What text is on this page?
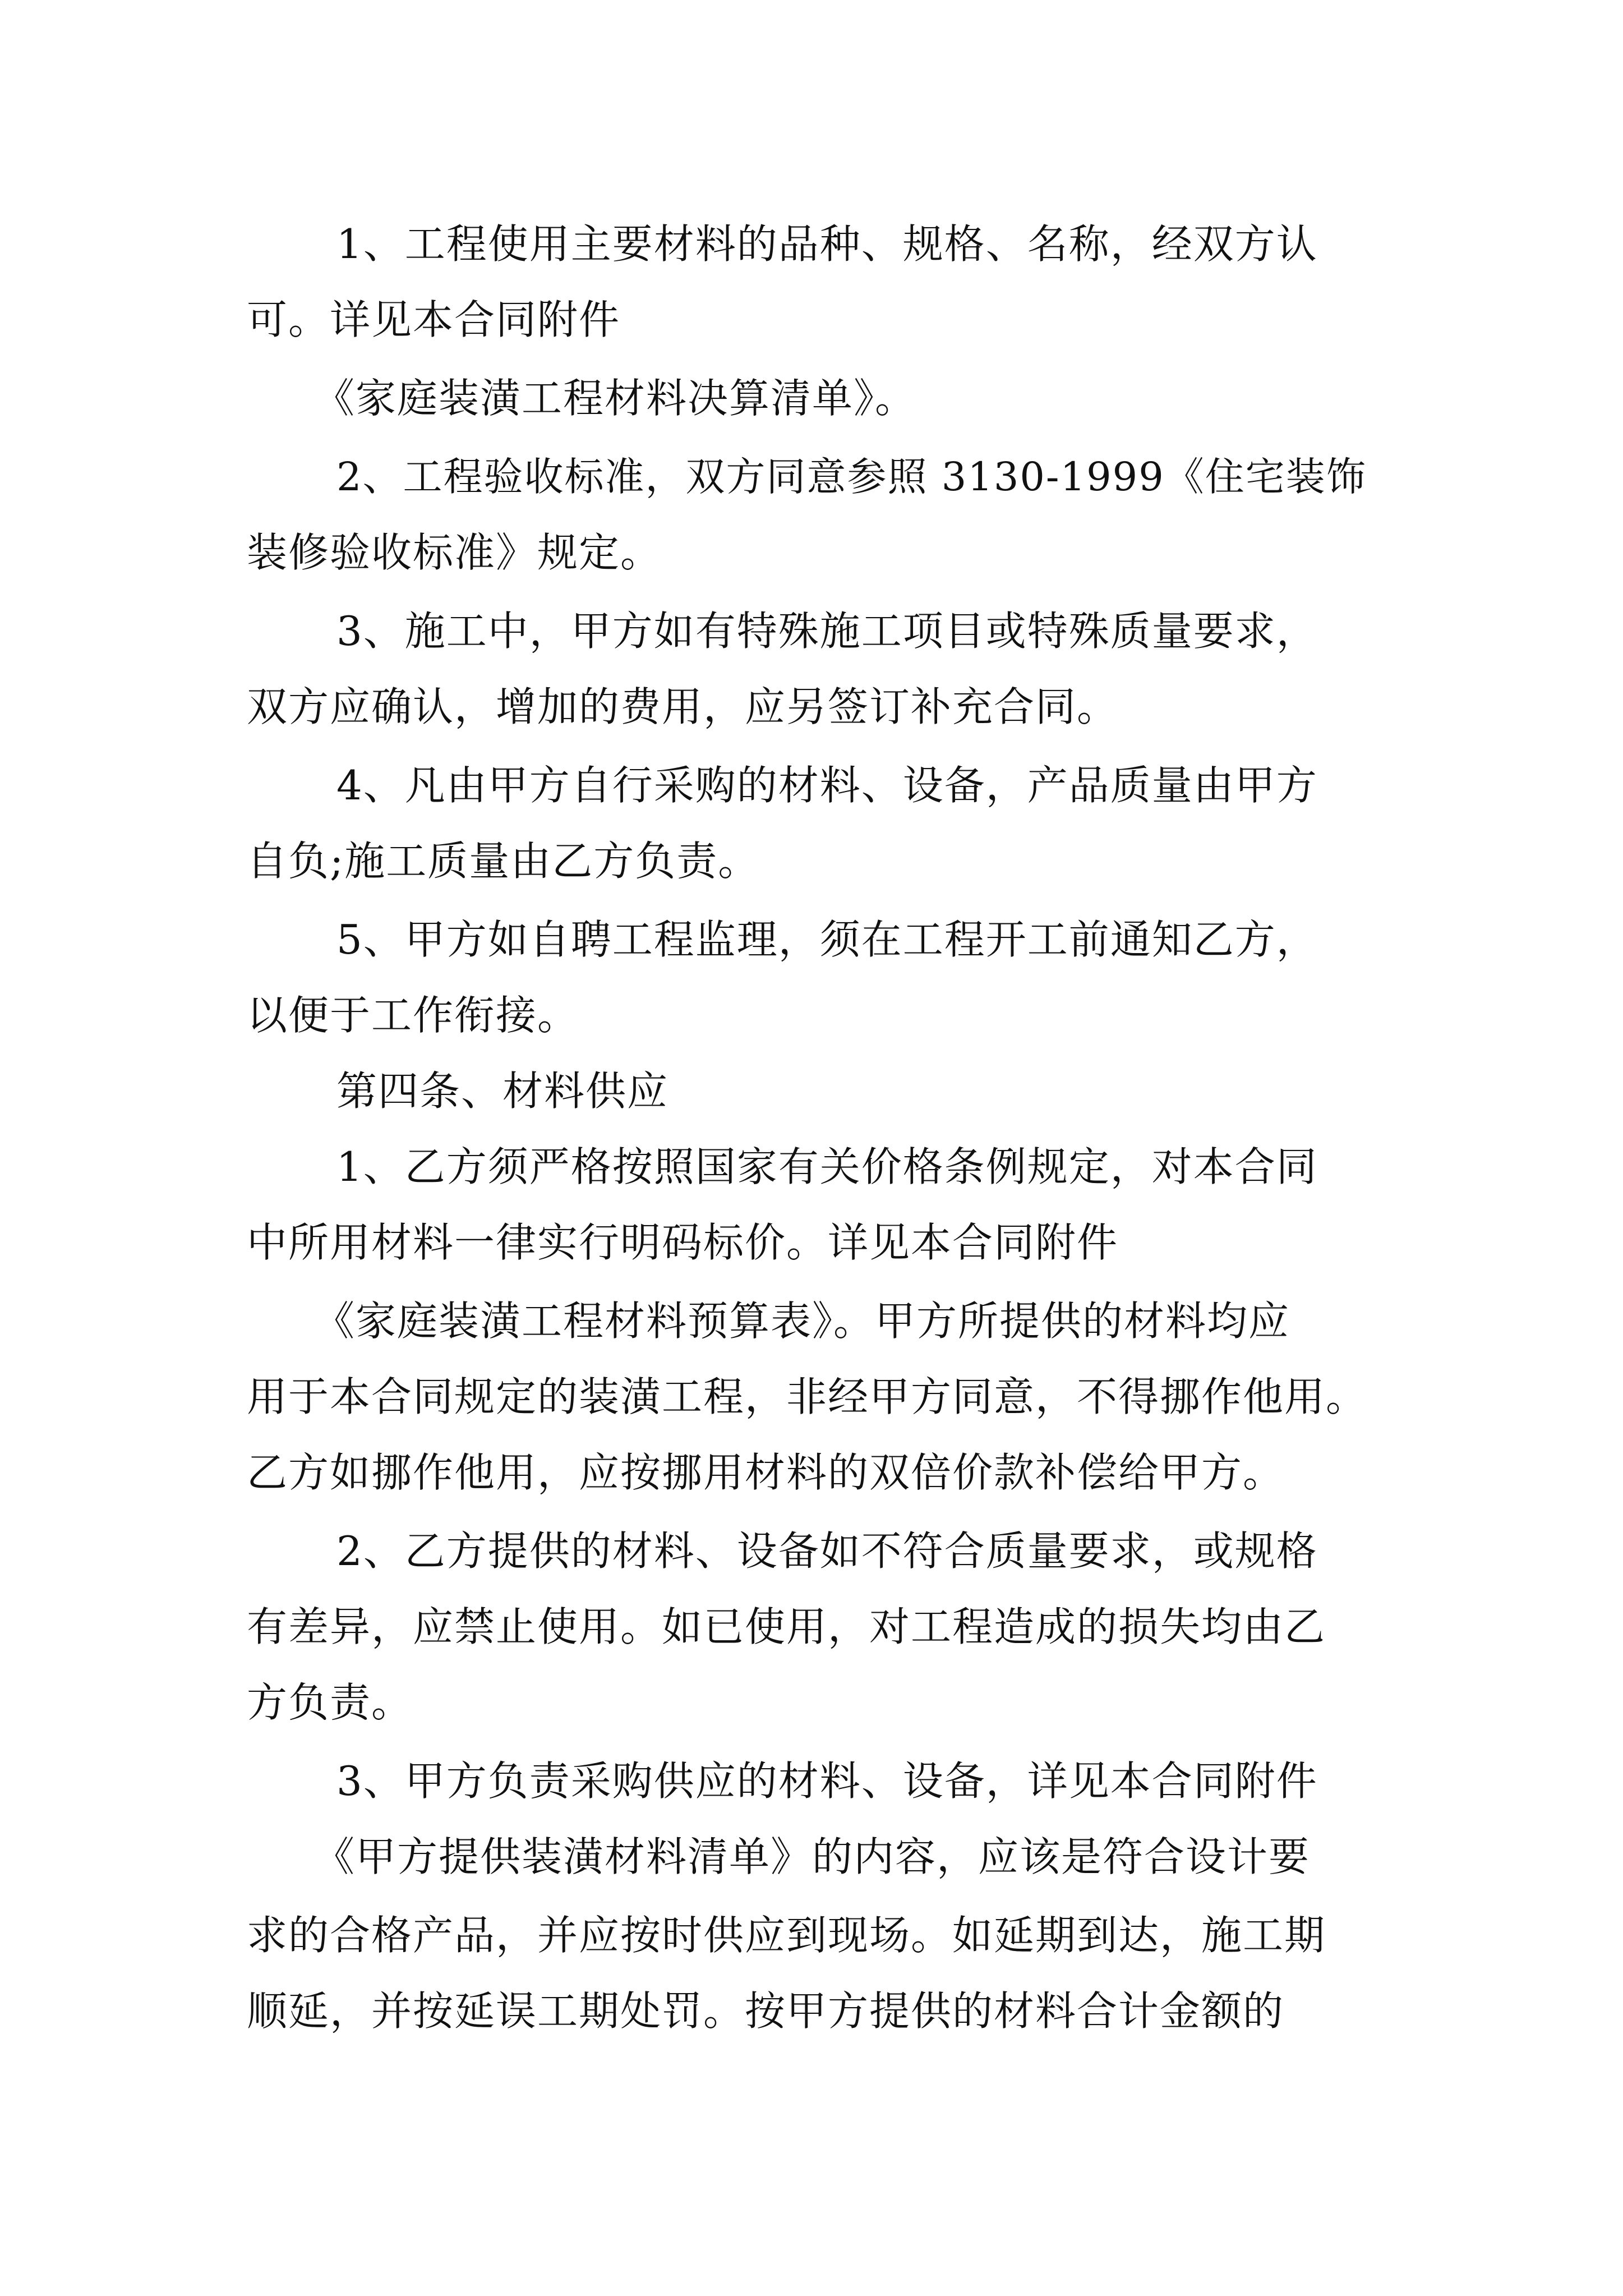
1、工程使用主要材料的品种、规格、名称，经双方认
可。详见本合同附件
《家庭装潢工程材料决算清单》。
2、工程验收标准，双方同意参照 3130-1999《住宅装饰
装修验收标准》规定。
3、施工中，甲方如有特殊施工项目或特殊质量要求，
双方应确认，增加的费用，应另签订补充合同。
4、凡由甲方自行采购的材料、设备，产品质量由甲方
自负;施工质量由乙方负责。
5、甲方如自聘工程监理，须在工程开工前通知乙方，
以便于工作衔接。
第四条、材料供应
1、乙方须严格按照国家有关价格条例规定，对本合同
中所用材料一律实行明码标价。详见本合同附件
《家庭装潢工程材料预算表》。甲方所提供的材料均应
用于本合同规定的装潢工程，非经甲方同意，不得挪作他用。
乙方如挪作他用，应按挪用材料的双倍价款补偿给甲方。
2、乙方提供的材料、设备如不符合质量要求，或规格
有差异，应禁止使用。如已使用，对工程造成的损失均由乙
方负责。
3、甲方负责采购供应的材料、设备，详见本合同附件
《甲方提供装潢材料清单》的内容，应该是符合设计要
求的合格产品，并应按时供应到现场。如延期到达，施工期
顺延，并按延误工期处罚。按甲方提供的材料合计金额的
